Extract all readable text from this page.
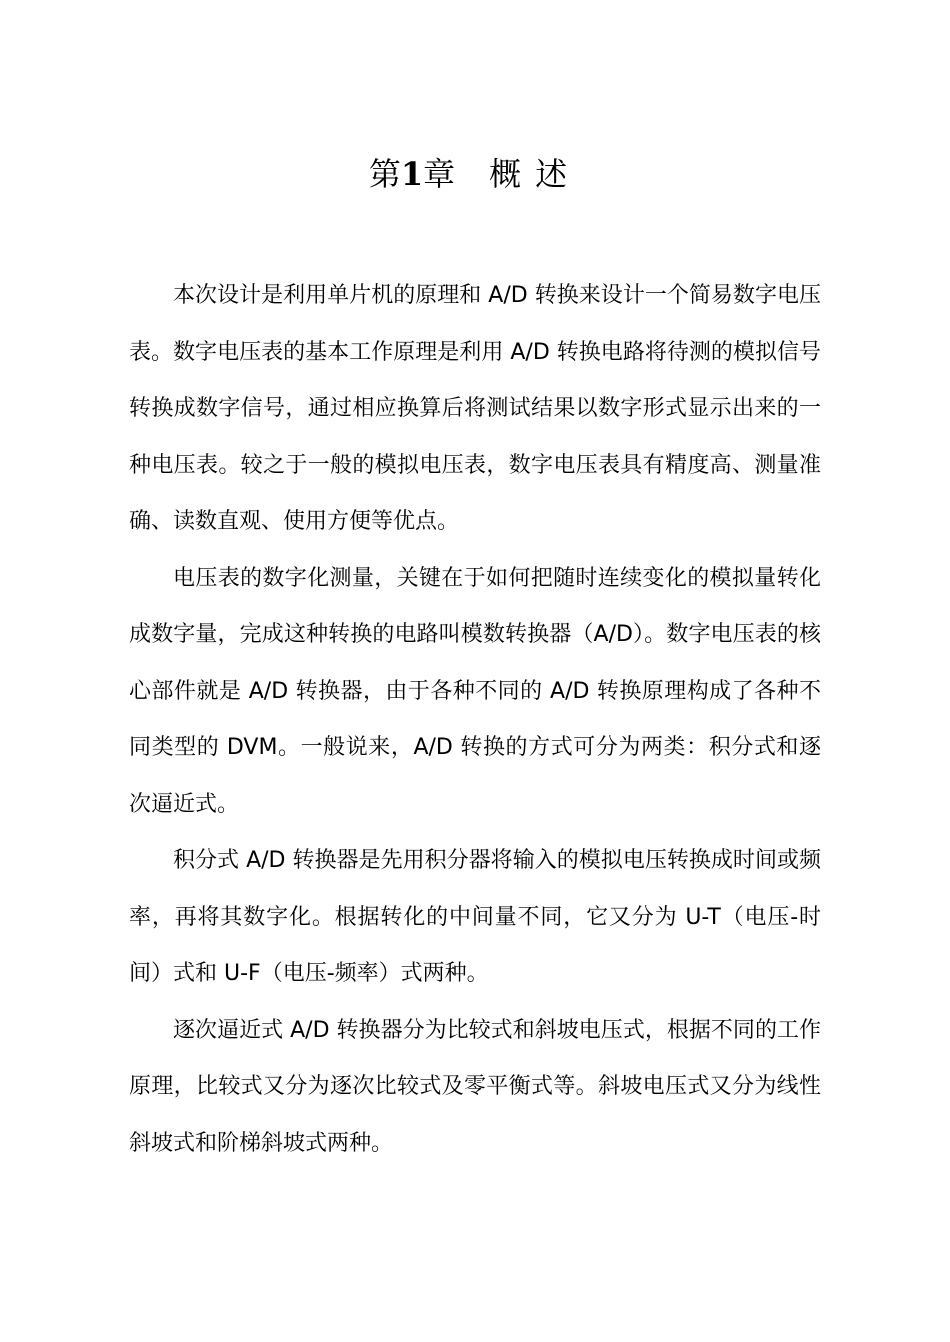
第1章 概述

本次设计是利用单片机的原理和 A/D 转换来设计一个简易数字电压表。数字电压表的基本工作原理是利用 A/D 转换电路将待测的模拟信号转换成数字信号，通过相应换算后将测试结果以数字形式显示出来的一种电压表。较之于一般的模拟电压表，数字电压表具有精度高、测量准确、读数直观、使用方便等优点。

电压表的数字化测量，关键在于如何把随时连续变化的模拟量转化成数字量，完成这种转换的电路叫模数转换器（A/D）。数字电压表的核心部件就是 A/D 转换器，由于各种不同的 A/D 转换原理构成了各种不同类型的 DVM。一般说来，A/D 转换的方式可分为两类：积分式和逐次逼近式。

积分式 A/D 转换器是先用积分器将输入的模拟电压转换成时间或频率，再将其数字化。根据转化的中间量不同，它又分为 U-T（电压-时间）式和 U-F（电压-频率）式两种。

逐次逼近式 A/D 转换器分为比较式和斜坡电压式，根据不同的工作原理，比较式又分为逐次比较式及零平衡式等。斜坡电压式又分为线性斜坡式和阶梯斜坡式两种。
